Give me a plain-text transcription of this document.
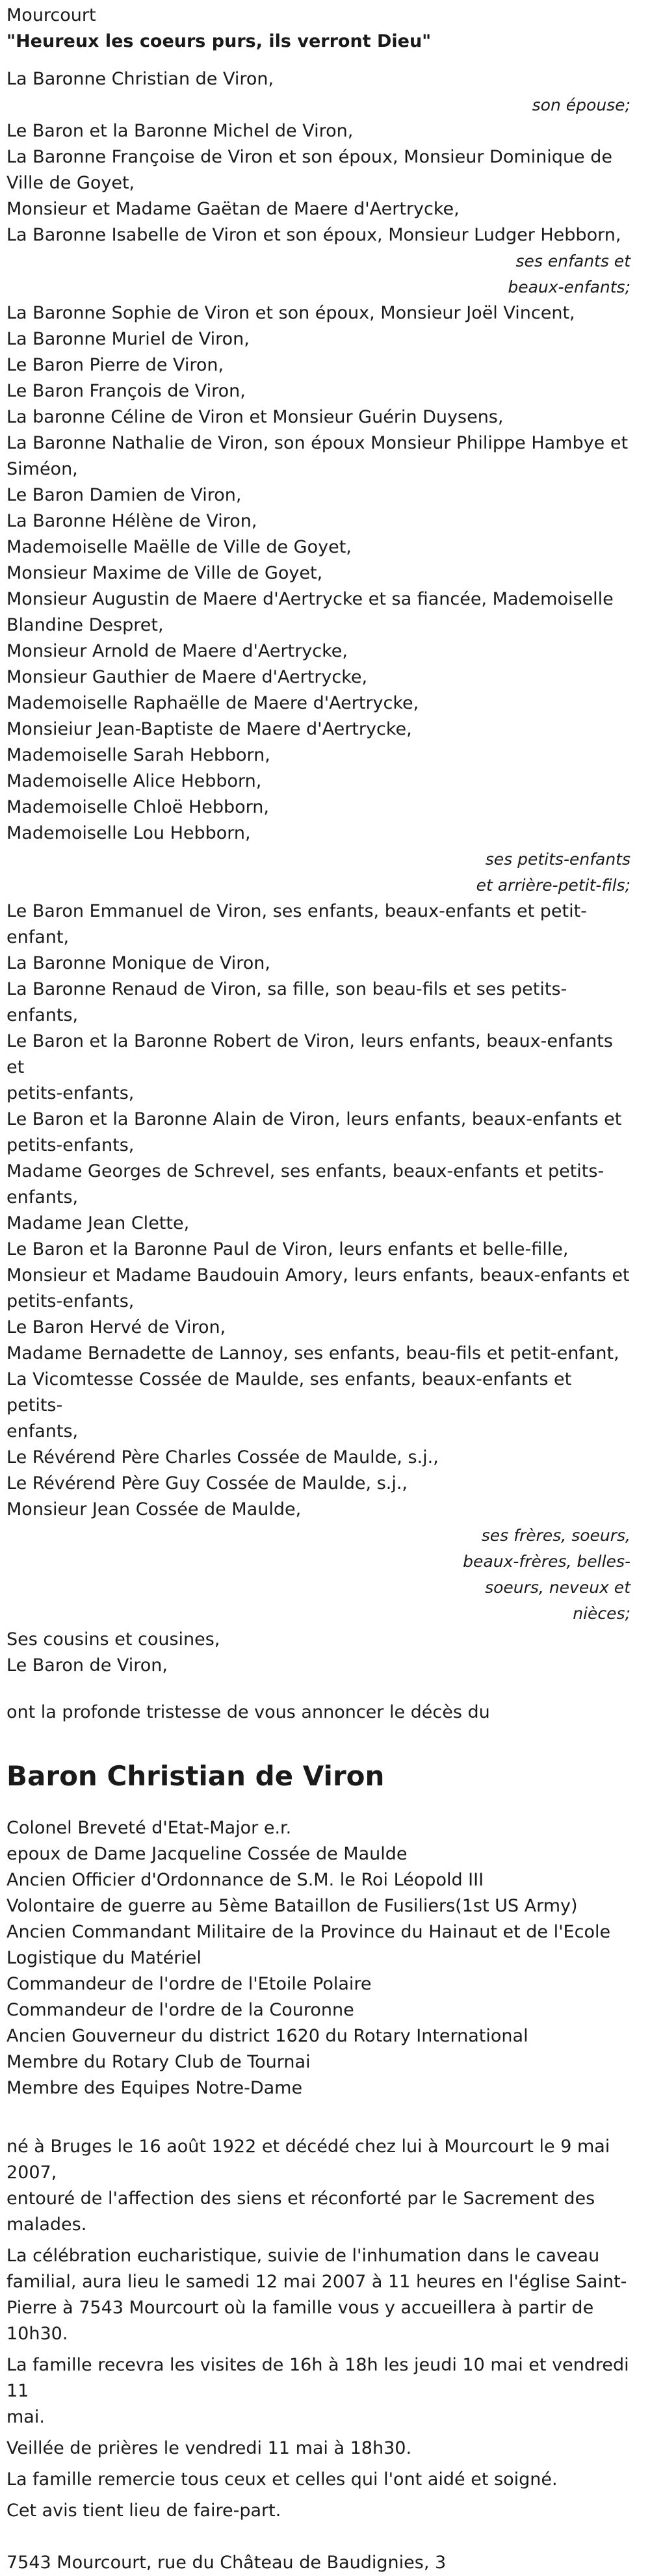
Mourcourt

"Heureux les coeurs purs, ils verront Dieu"

La Baronne Christian de Viron,

son épouse;

Le Baron et la Baronne Michel de Viron,

La Baronne Françoise de Viron et son époux, Monsieur Dominique de

Ville de Goyet,

Monsieur et Madame Gaëtan de Maere d'Aertrycke,

La Baronne Isabelle de Viron et son époux, Monsieur Ludger Hebborn,

ses enfants et

beaux-enfants;

La Baronne Sophie de Viron et son époux, Monsieur Joël Vincent,

La Baronne Muriel de Viron,

Le Baron Pierre de Viron,

Le Baron François de Viron,

La baronne Céline de Viron et Monsieur Guérin Duysens,

La Baronne Nathalie de Viron, son époux Monsieur Philippe Hambye et

Siméon,

Le Baron Damien de Viron,

La Baronne Hélène de Viron,

Mademoiselle Maëlle de Ville de Goyet,

Monsieur Maxime de Ville de Goyet,

Monsieur Augustin de Maere d'Aertrycke et sa fiancée, Mademoiselle

Blandine Despret,

Monsieur Arnold de Maere d'Aertrycke,

Monsieur Gauthier de Maere d'Aertrycke,

Mademoiselle Raphaëlle de Maere d'Aertrycke,

Monsieiur Jean-Baptiste de Maere d'Aertrycke,

Mademoiselle Sarah Hebborn,

Mademoiselle Alice Hebborn,

Mademoiselle Chloë Hebborn,

Mademoiselle Lou Hebborn,

ses petits-enfants

et arrière-petit-fils;

Le Baron Emmanuel de Viron, ses enfants, beaux-enfants et petit-enfant,

La Baronne Monique de Viron,

La Baronne Renaud de Viron, sa fille, son beau-fils et ses petits-enfants,

Le Baron et la Baronne Robert de Viron, leurs enfants, beaux-enfants et

petits-enfants,

Le Baron et la Baronne Alain de Viron, leurs enfants, beaux-enfants et

petits-enfants,

Madame Georges de Schrevel, ses enfants, beaux-enfants et petits-

enfants,

Madame Jean Clette,

Le Baron et la Baronne Paul de Viron, leurs enfants et belle-fille,

Monsieur et Madame Baudouin Amory, leurs enfants, beaux-enfants et

petits-enfants,

Le Baron Hervé de Viron,

Madame Bernadette de Lannoy, ses enfants, beau-fils et petit-enfant,

La Vicomtesse Cossée de Maulde, ses enfants, beaux-enfants et petits-

enfants,

Le Révérend Père Charles Cossée de Maulde, s.j.,

Le Révérend Père Guy Cossée de Maulde, s.j.,

Monsieur Jean Cossée de Maulde,

ses frères, soeurs,

beaux-frères, belles-

soeurs, neveux et

nièces;

Ses cousins et cousines,

Le Baron de Viron,

ont la profonde tristesse de vous annoncer le décès du

Baron Christian de Viron

Colonel Breveté d'Etat-Major e.r.

epoux de Dame Jacqueline Cossée de Maulde

Ancien Officier d'Ordonnance de S.M. le Roi Léopold III

Volontaire de guerre au 5ème Bataillon de Fusiliers(1st US Army)

Ancien Commandant Militaire de la Province du Hainaut et de l'Ecole

Logistique du Matériel

Commandeur de l'ordre de l'Etoile Polaire

Commandeur de l'ordre de la Couronne

Ancien Gouverneur du district 1620 du Rotary International

Membre du Rotary Club de Tournai

Membre des Equipes Notre-Dame

né à Bruges le 16 août 1922 et décédé chez lui à Mourcourt le 9 mai 2007,

entouré de l'affection des siens et réconforté par le Sacrement des

malades.

La célébration eucharistique, suivie de l'inhumation dans le caveau

familial, aura lieu le samedi 12 mai 2007 à 11 heures en l'église Saint-

Pierre à 7543 Mourcourt où la famille vous y accueillera à partir de

10h30.

La famille recevra les visites de 16h à 18h les jeudi 10 mai et vendredi 11

mai.

Veillée de prières le vendredi 11 mai à 18h30.

La famille remercie tous ceux et celles qui l'ont aidé et soigné.

Cet avis tient lieu de faire-part.

7543 Mourcourt, rue du Château de Baudignies, 3
